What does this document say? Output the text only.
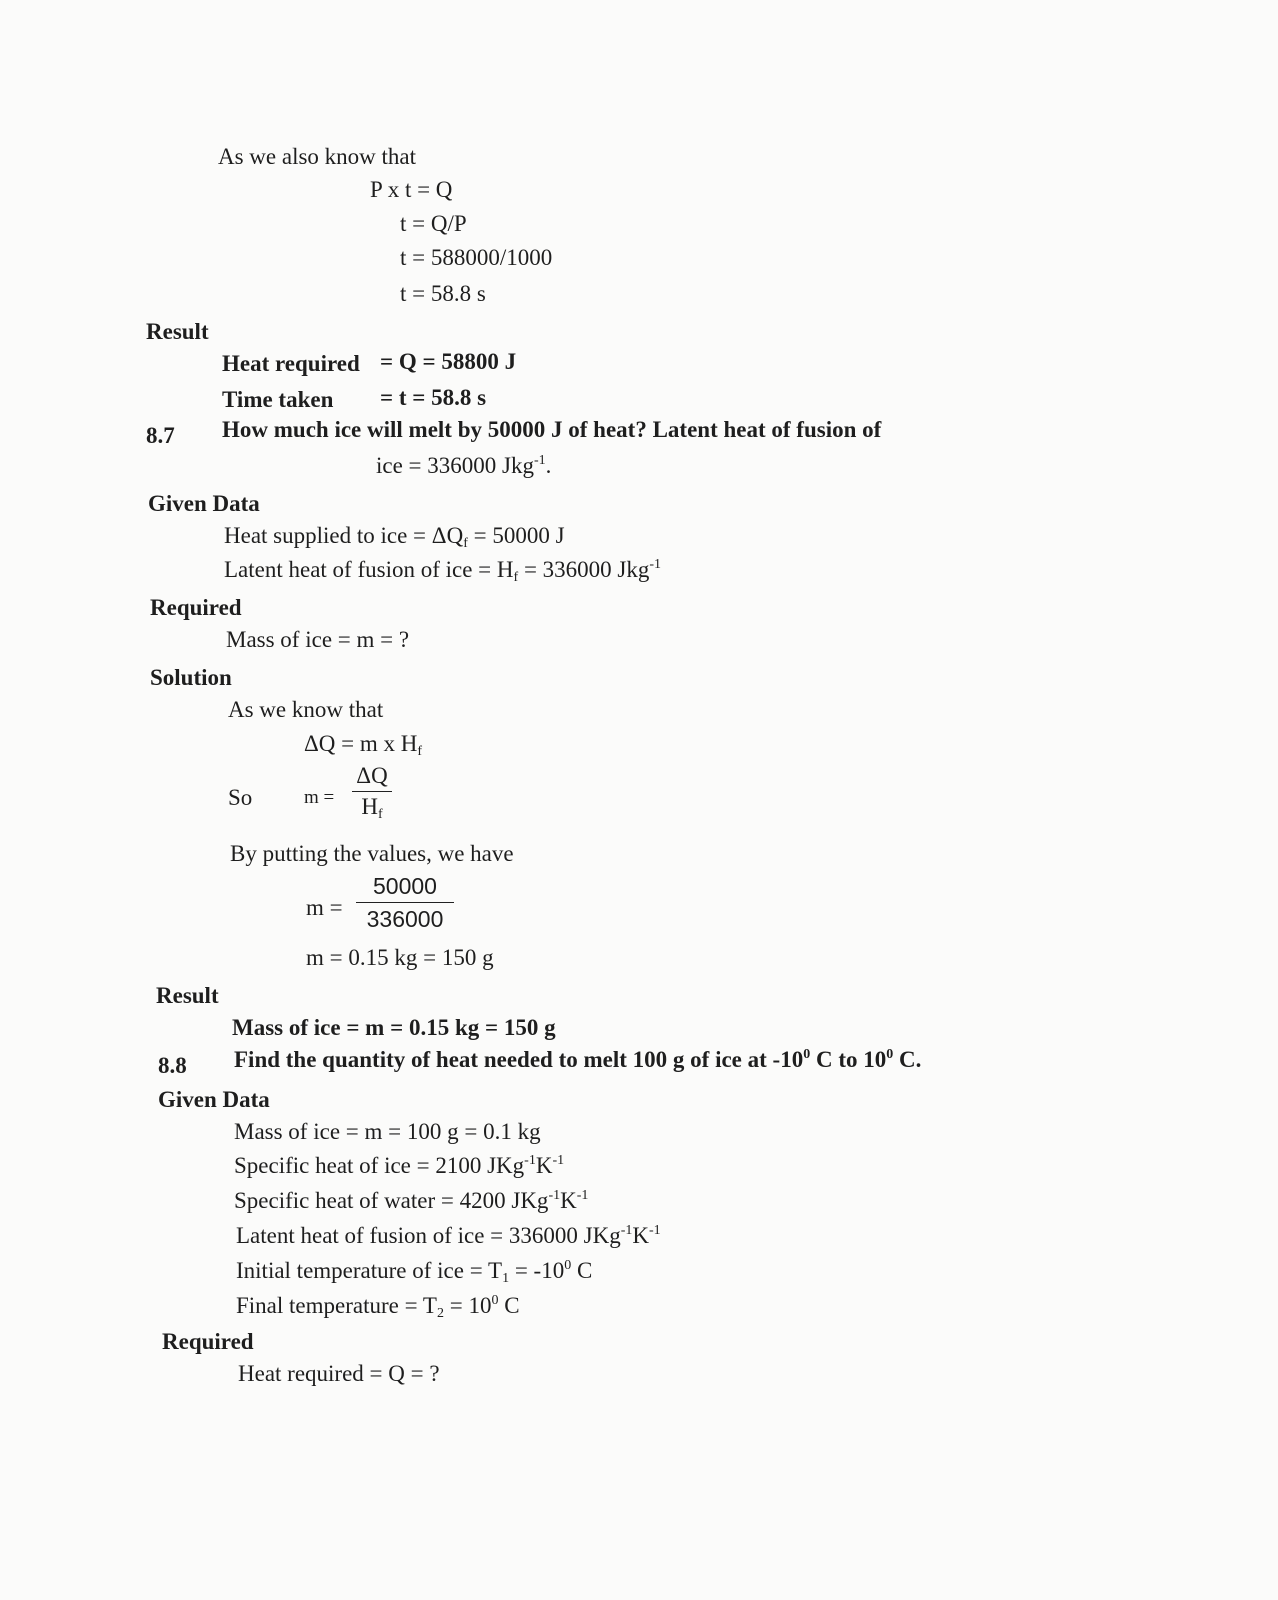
As we also know that
P x t = Q
t = Q/P
t = 588000/1000
t = 58.8 s
Result
Heat required = Q = 58800 J
Time taken = t = 58.8 s
8.7 How much ice will melt by 50000 J of heat? Latent heat of fusion of
ice = 336000 Jkg$^{-1}$.
Given Data
Heat supplied to ice = $\Delta Q_f = 50000$ J
Latent heat of fusion of ice = $H_f = 336000$ Jkg$^{-1}$
Required
Mass of ice = m = ?
Solution
As we know that
ΔQ = m x $H_f$
So	m =
ΔQ
$H_f$
By putting the values, we have
m =
50000
336000
m = 0.15 kg = 150 g
Result
Mass of ice = m = 0.15 kg = 150 g
8.8 Find the quantity of heat needed to melt 100 g of ice at $-10^0$ C to $10^0$ C.
Given Data
Mass of ice = m = 100 g = 0.1 kg
Specific heat of ice = 2100 $JKg^{-1}K^{-1}$
Specific heat of water = 4200 $JKg^{-1}K^{-1}$
Latent heat of fusion of ice = 336000 $JKg^{-1}K^{-1}$
Initial temperature of ice = $T_1 = -10^0$ C
Final temperature = $T_2 = 10^0$ C
Required
Heat required = Q = ?
